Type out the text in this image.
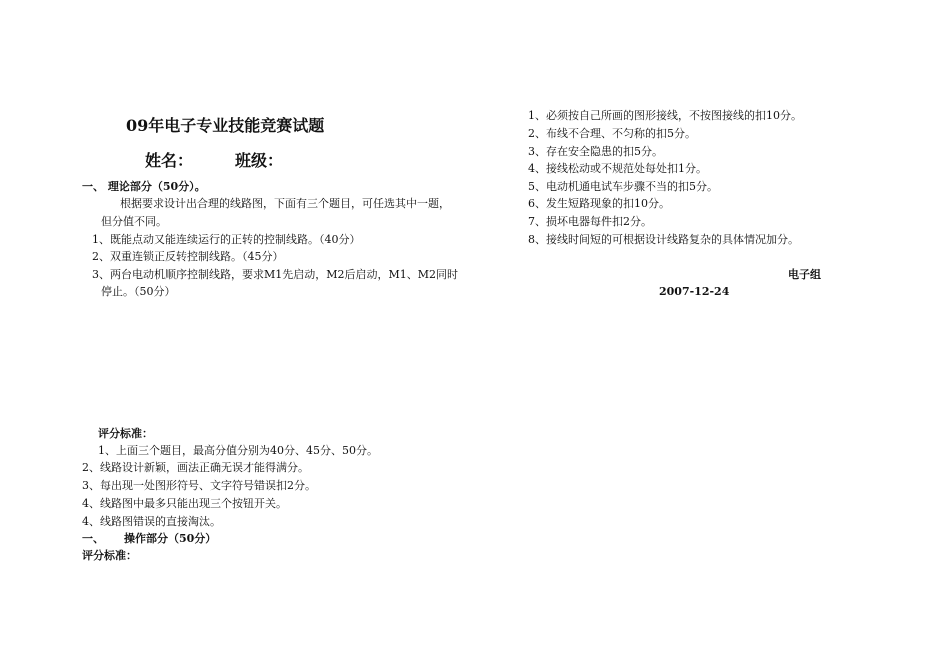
09年电子专业技能竞赛试题
姓名：	班级：
一、 理论部分（50分）。
根据要求设计出合理的线路图，下面有三个题目，可任选其中一题，
但分值不同。
1、既能点动又能连续运行的正转的控制线路。（40分）
2、双重连锁正反转控制线路。（45分）
3、两台电动机顺序控制线路，要求M1先启动，M2后启动，M1、M2同时
停止。（50分）
评分标准：
1、上面三个题目，最高分值分别为40分、45分、50分。
2、线路设计新颖，画法正确无误才能得满分。
3、每出现一处图形符号、文字符号错误扣2分。
4、线路图中最多只能出现三个按钮开关。
4、线路图错误的直接淘汰。
一、 操作部分（50分）
评分标准：
1、必须按自己所画的图形接线，不按图接线的扣10分。
2、布线不合理、不匀称的扣5分。
3、存在安全隐患的扣5分。
4、接线松动或不规范处每处扣1分。
5、电动机通电试车步骤不当的扣5分。
6、发生短路现象的扣10分。
7、损坏电器每件扣2分。
8、接线时间短的可根据设计线路复杂的具体情况加分。
电子组
2007-12-24
